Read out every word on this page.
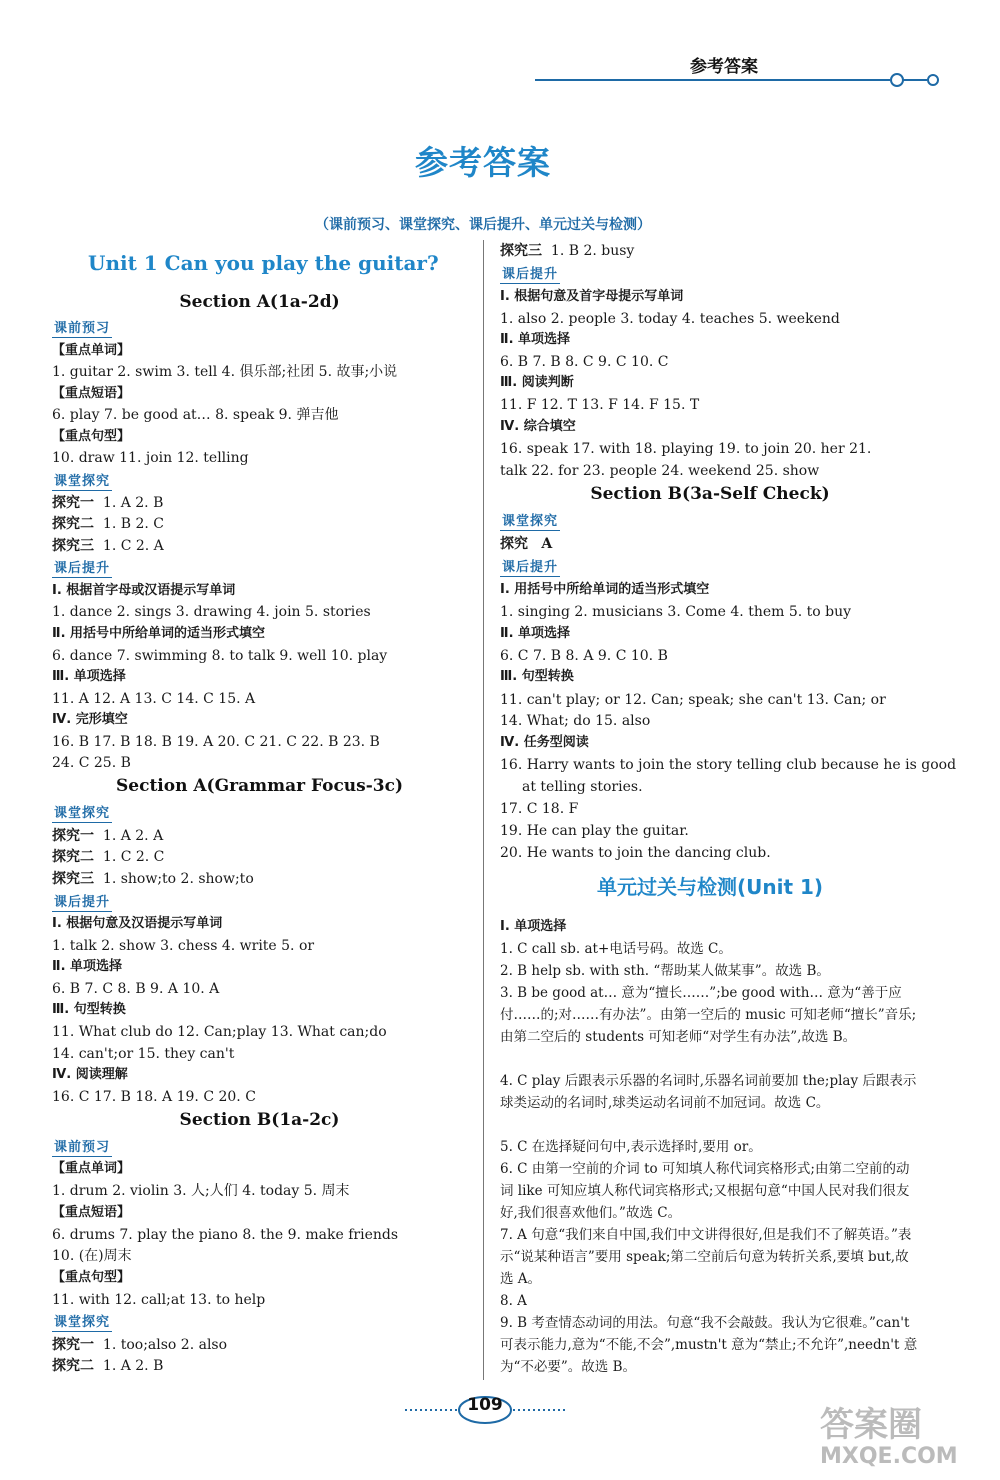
参考答案
参考答案
（课前预习、课堂探究、课后提升、单元过关与检测）
Unit 1 Can you play the guitar?
Section A(1a-2d)
课前预习
【重点单词】
1. guitar 2. swim 3. tell 4. 俱乐部;社团 5. 故事;小说
【重点短语】
6. play 7. be good at… 8. speak 9. 弹吉他
【重点句型】
10. draw 11. join 12. telling
课堂探究
探究一 1. A 2. B
探究二 1. B 2. C
探究三 1. C 2. A
课后提升
Ⅰ. 根据首字母或汉语提示写单词
1. dance 2. sings 3. drawing 4. join 5. stories
Ⅱ. 用括号中所给单词的适当形式填空
6. dance 7. swimming 8. to talk 9. well 10. play
Ⅲ. 单项选择
11. A 12. A 13. C 14. C 15. A
Ⅳ. 完形填空
16. B 17. B 18. B 19. A 20. C 21. C 22. B 23. B
24. C 25. B
Section A(Grammar Focus-3c)
课堂探究
探究一 1. A 2. A
探究二 1. C 2. C
探究三 1. show;to 2. show;to
课后提升
Ⅰ. 根据句意及汉语提示写单词
1. talk 2. show 3. chess 4. write 5. or
Ⅱ. 单项选择
6. B 7. C 8. B 9. A 10. A
Ⅲ. 句型转换
11. What club do 12. Can;play 13. What can;do
14. can't;or 15. they can't
Ⅳ. 阅读理解
16. C 17. B 18. A 19. C 20. C
Section B(1a-2c)
课前预习
【重点单词】
1. drum 2. violin 3. 人;人们 4. today 5. 周末
【重点短语】
6. drums 7. play the piano 8. the 9. make friends
10. (在)周末
【重点句型】
11. with 12. call;at 13. to help
课堂探究
探究一 1. too;also 2. also
探究二 1. A 2. B
探究三 1. B 2. busy
课后提升
Ⅰ. 根据句意及首字母提示写单词
1. also 2. people 3. today 4. teaches 5. weekend
Ⅱ. 单项选择
6. B 7. B 8. C 9. C 10. C
Ⅲ. 阅读判断
11. F 12. T 13. F 14. F 15. T
Ⅳ. 综合填空
16. speak 17. with 18. playing 19. to join 20. her 21.
talk 22. for 23. people 24. weekend 25. show
Section B(3a-Self Check)
课堂探究
探究 A
课后提升
Ⅰ. 用括号中所给单词的适当形式填空
1. singing 2. musicians 3. Come 4. them 5. to buy
Ⅱ. 单项选择
6. C 7. B 8. A 9. C 10. B
Ⅲ. 句型转换
11. can't play; or 12. Can; speak; she can't 13. Can; or
14. What; do 15. also
Ⅳ. 任务型阅读
16. Harry wants to join the story telling club because he is good
at telling stories.
17. C 18. F
19. He can play the guitar.
20. He wants to join the dancing club.
单元过关与检测(Unit 1)
Ⅰ. 单项选择
1. C call sb. at+电话号码。故选 C。
2. B help sb. with sth. “帮助某人做某事”。故选 B。
3. B be good at… 意为“擅长……”;be good with… 意为“善于应付……的;对……有办法”。由第一空后的 music 可知老师“擅长”音乐;由第二空后的 students 可知老师“对学生有办法”,故选 B。
4. C play 后跟表示乐器的名词时,乐器名词前要加 the;play 后跟表示球类运动的名词时,球类运动名词前不加冠词。故选 C。
5. C 在选择疑问句中,表示选择时,要用 or。
6. C 由第一空前的介词 to 可知填人称代词宾格形式;由第二空前的动词 like 可知应填人称代词宾格形式;又根据句意“中国人民对我们很友好,我们很喜欢他们。”故选 C。
7. A 句意“我们来自中国,我们中文讲得很好,但是我们不了解英语。”表示“说某种语言”要用 speak;第二空前后句意为转折关系,要填 but,故选 A。
8. A
9. B 考查情态动词的用法。句意“我不会敲鼓。我认为它很难。”can't 可表示能力,意为“不能,不会”,mustn't 意为“禁止;不允许”,needn't 意为“不必要”。故选 B。
109	答案圈
MXQE.COM
